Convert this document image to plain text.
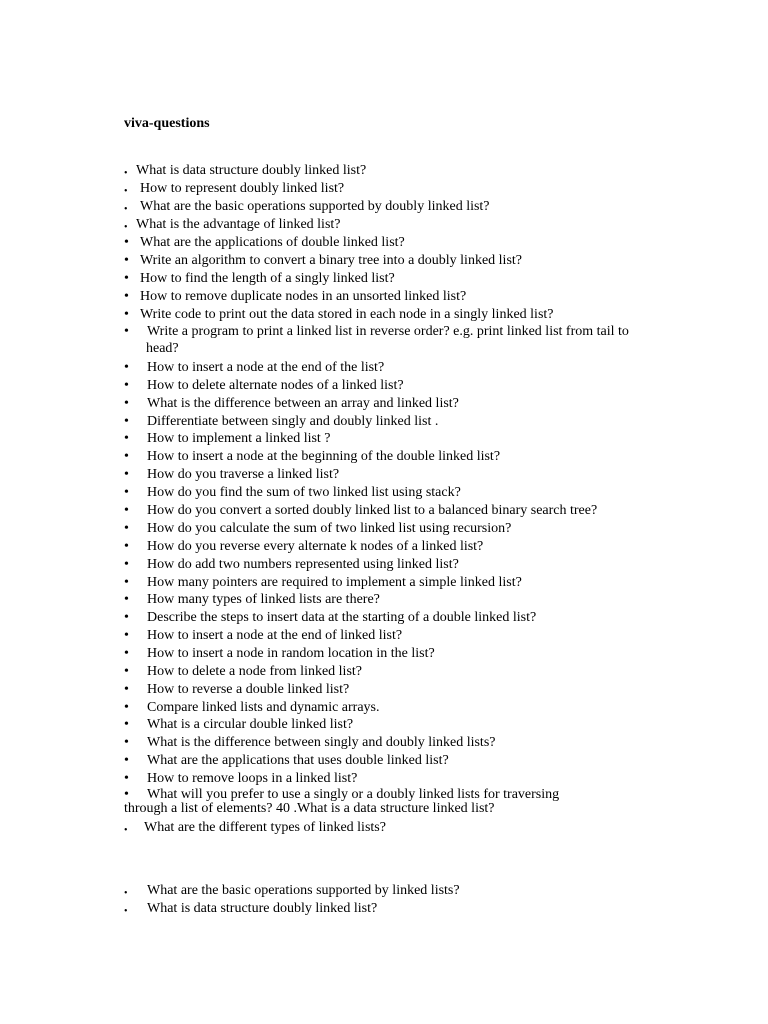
viva-questions
• What is data structure doubly linked list?
• How to represent doubly linked list?
• What are the basic operations supported by doubly linked list?
• What is the advantage of linked list?
• What are the applications of double linked list?
• Write an algorithm to convert a binary tree into a doubly linked list?
• How to find the length of a singly linked list?
• How to remove duplicate nodes in an unsorted linked list?
• Write code to print out the data stored in each node in a singly linked list?
• Write a program to print a linked list in reverse order? e.g. print linked list from tail to
• How to insert a node at the end of the list?
• How to delete alternate nodes of a linked list?
• What is the difference between an array and linked list?
• Differentiate between singly and doubly linked list .
• How to implement a linked list ?
• How to insert a node at the beginning of the double linked list?
• How do you traverse a linked list?
• How do you find the sum of two linked list using stack?
• How do you convert a sorted doubly linked list to a balanced binary search tree?
• How do you calculate the sum of two linked list using recursion?
• How do you reverse every alternate k nodes of a linked list?
• How do add two numbers represented using linked list?
• How many pointers are required to implement a simple linked list?
• How many types of linked lists are there?
• Describe the steps to insert data at the starting of a double linked list?
• How to insert a node at the end of linked list?
• How to insert a node in random location in the list?
• How to delete a node from linked list?
• How to reverse a double linked list?
• Compare linked lists and dynamic arrays.
• What is a circular double linked list?
• What is the difference between singly and doubly linked lists?
• What are the applications that uses double linked list?
• How to remove loops in a linked list?
• What will you prefer to use a singly or a doubly linked lists for traversing
• What are the different types of linked lists?
• What are the basic operations supported by linked lists?
• What is data structure doubly linked list?
head?
through a list of elements? 40 .What is a data structure linked list?
